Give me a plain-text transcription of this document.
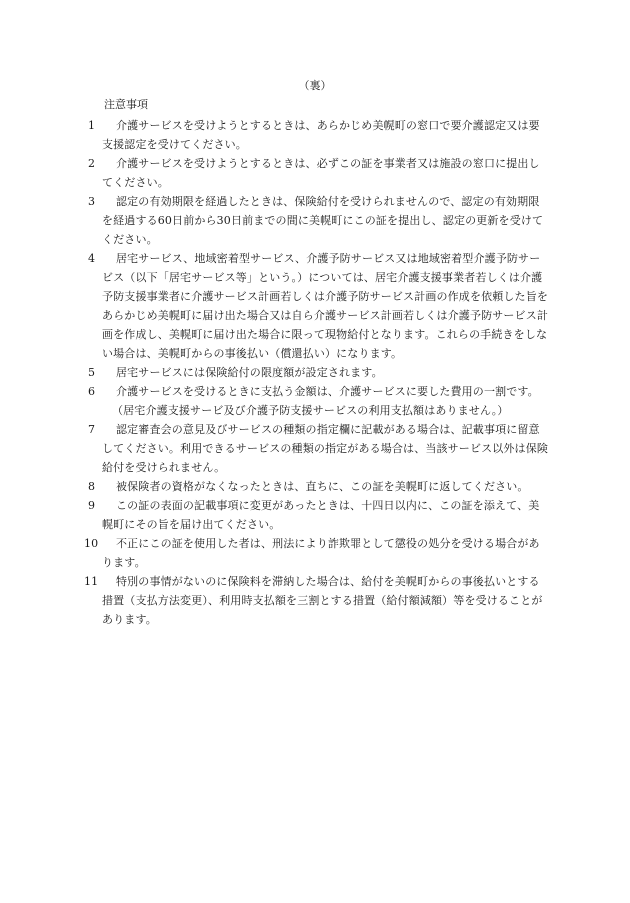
（裏）
注意事項
1	介護サービスを受けようとするときは、あらかじめ美幌町の窓口で要介護認定又は要支援認定を受けてください。
2	介護サービスを受けようとするときは、必ずこの証を事業者又は施設の窓口に提出してください。
3	認定の有効期限を経過したときは、保険給付を受けられませんので、認定の有効期限を経過する60日前から30日前までの間に美幌町にこの証を提出し、認定の更新を受けてください。
4	居宅サービス、地域密着型サービス、介護予防サービス又は地域密着型介護予防サービス（以下「居宅サービス等」という。）については、居宅介護支援事業者若しくは介護予防支援事業者に介護サービス計画若しくは介護予防サービス計画の作成を依頼した旨をあらかじめ美幌町に届け出た場合又は自ら介護サービス計画若しくは介護予防サービス計画を作成し、美幌町に届け出た場合に限って現物給付となります。これらの手続きをしない場合は、美幌町からの事後払い（償還払い）になります。
5	居宅サービスには保険給付の限度額が設定されます。
6	介護サービスを受けるときに支払う金額は、介護サービスに要した費用の一割です。
（居宅介護支援サービ及び介護予防支援サービスの利用支払額はありません。）
7	認定審査会の意見及びサービスの種類の指定欄に記載がある場合は、記載事項に留意してください。利用できるサービスの種類の指定がある場合は、当該サービス以外は保険給付を受けられません。
8	被保険者の資格がなくなったときは、直ちに、この証を美幌町に返してください。
9	この証の表面の記載事項に変更があったときは、十四日以内に、この証を添えて、美幌町にその旨を届け出てください。
10	不正にこの証を使用した者は、刑法により詐欺罪として懲役の処分を受ける場合があります。
11	特別の事情がないのに保険料を滞納した場合は、給付を美幌町からの事後払いとする措置（支払方法変更）、利用時支払額を三割とする措置（給付額減額）等を受けることがあります。
